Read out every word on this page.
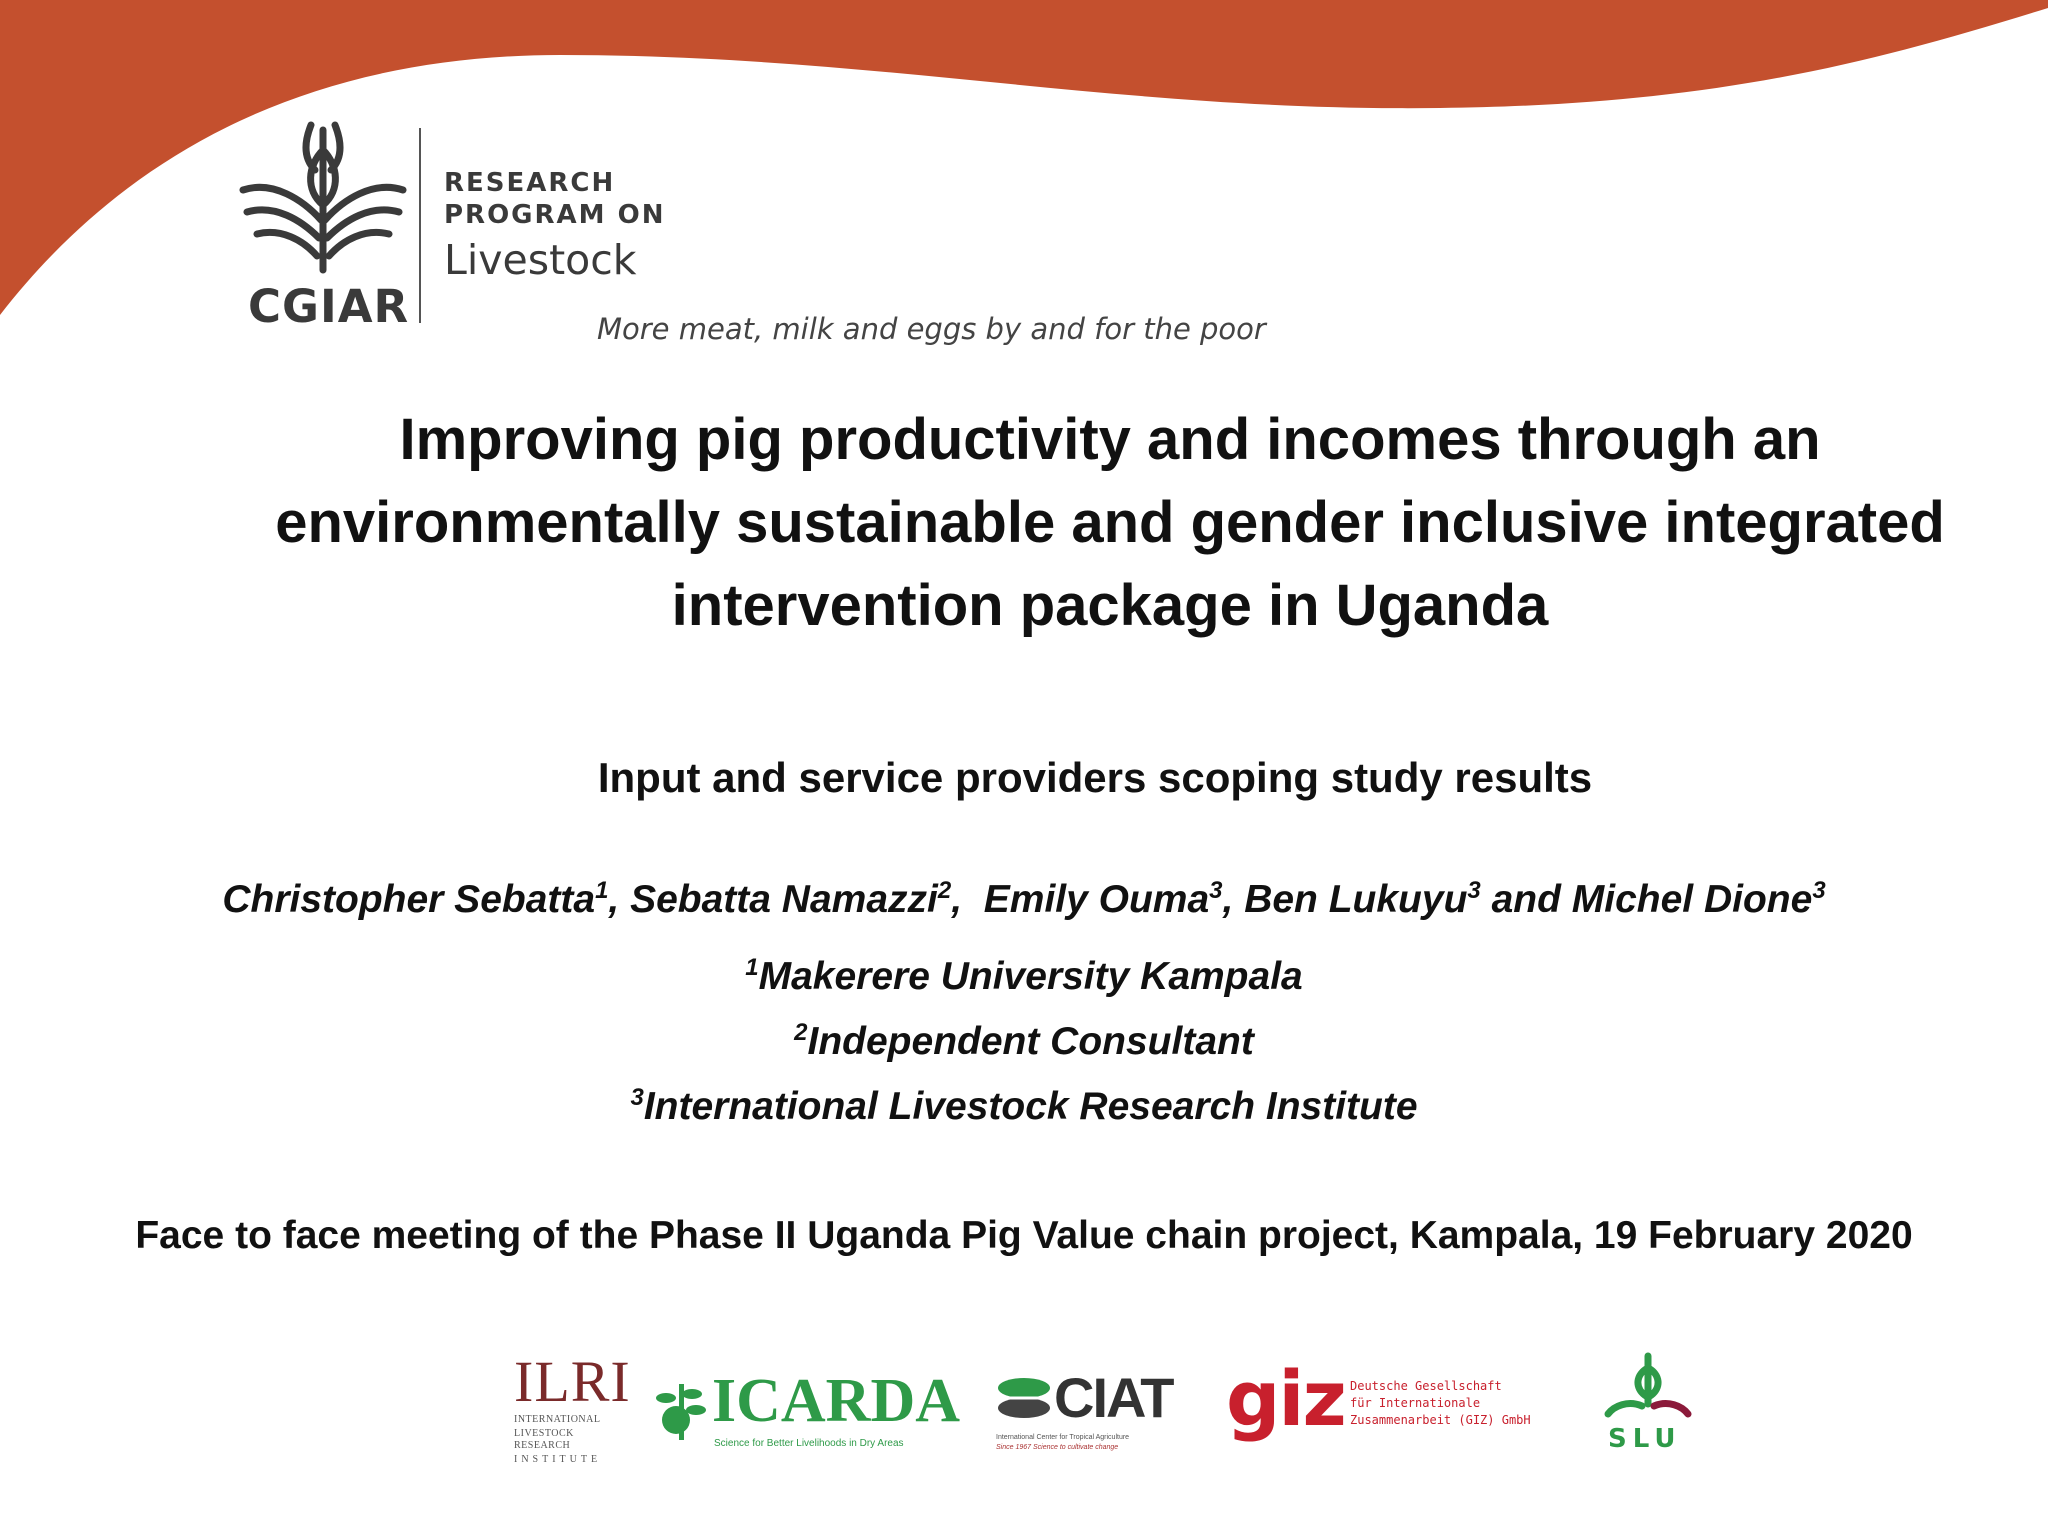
CGIAR
RESEARCH
PROGRAM ON
Livestock
More meat, milk and eggs by and for the poor
Improving pig productivity and incomes through an environmentally sustainable and gender inclusive integrated intervention package in Uganda
Input and service providers scoping study results
Christopher Sebatta$^1$, Sebatta Namazzi$^2$,  Emily Ouma$^3$, Ben Lukuyu$^3$ and Michel Dione$^3$
$^1$Makerere University Kampala
$^2$Independent Consultant
$^3$International Livestock Research Institute
Face to face meeting of the Phase II Uganda Pig Value chain project, Kampala, 19 February 2020
ILRI
INTERNATIONAL
LIVESTOCK RESEARCH
INSTITUTE
ICARDA
Science for Better Livelihoods in Dry Areas
CIAT
International Center for Tropical Agriculture
Since 1967 Science to cultivate change
giz Deutsche Gesellschaft
für Internationale
Zusammenarbeit (GIZ) GmbH
SLU
